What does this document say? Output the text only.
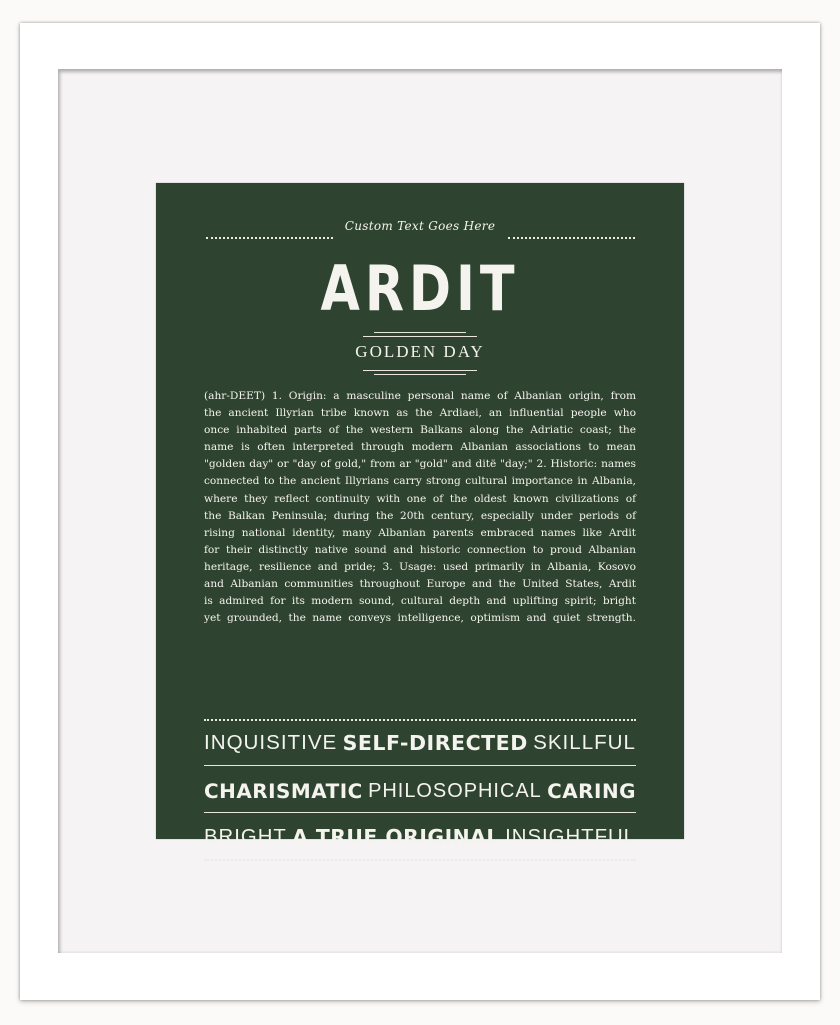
Custom Text Goes Here
ARDIT
GOLDEN DAY

(ahr-DEET) 1. Origin: a masculine personal name of Albanian origin, from
the ancient Illyrian tribe known as the Ardiaei, an influential people who
once inhabited parts of the western Balkans along the Adriatic coast; the
name is often interpreted through modern Albanian associations to mean
"golden day" or "day of gold," from ar "gold" and ditë "day;" 2. Historic: names
connected to the ancient Illyrians carry strong cultural importance in Albania,
where they reflect continuity with one of the oldest known civilizations of
the Balkan Peninsula; during the 20th century, especially under periods of
rising national identity, many Albanian parents embraced names like Ardit
for their distinctly native sound and historic connection to proud Albanian
heritage, resilience and pride; 3. Usage: used primarily in Albania, Kosovo
and Albanian communities throughout Europe and the United States, Ardit
is admired for its modern sound, cultural depth and uplifting spirit; bright
yet grounded, the name conveys intelligence, optimism and quiet strength.

INQUISITIVE SELF-DIRECTED SKILLFUL
CHARISMATIC PHILOSOPHICAL CARING
BRIGHT A TRUE ORIGINAL INSIGHTFUL
